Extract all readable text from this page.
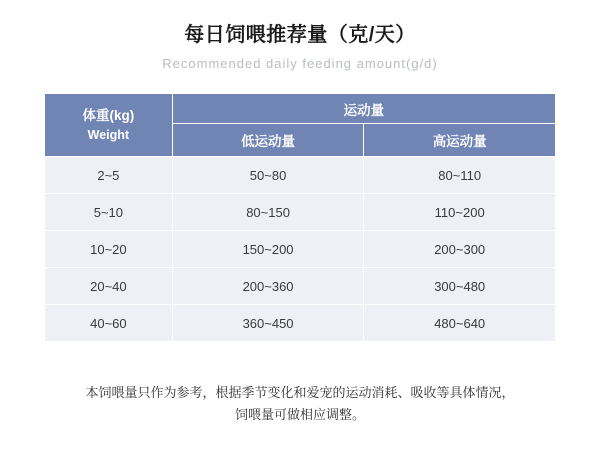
每日饲喂推荐量（克/天）

Recommended daily feeding amount(g/d)

体重(kg)
Weight	运动量	
	低运动量	高运动量
2~5	50~80	80~110
5~10	80~150	110~200
10~20	150~200	200~300
20~40	200~360	300~480
40~60	360~450	480~640
本饲喂量只作为参考，根据季节变化和爱宠的运动消耗、吸收等具体情况，
饲喂量可做相应调整。
